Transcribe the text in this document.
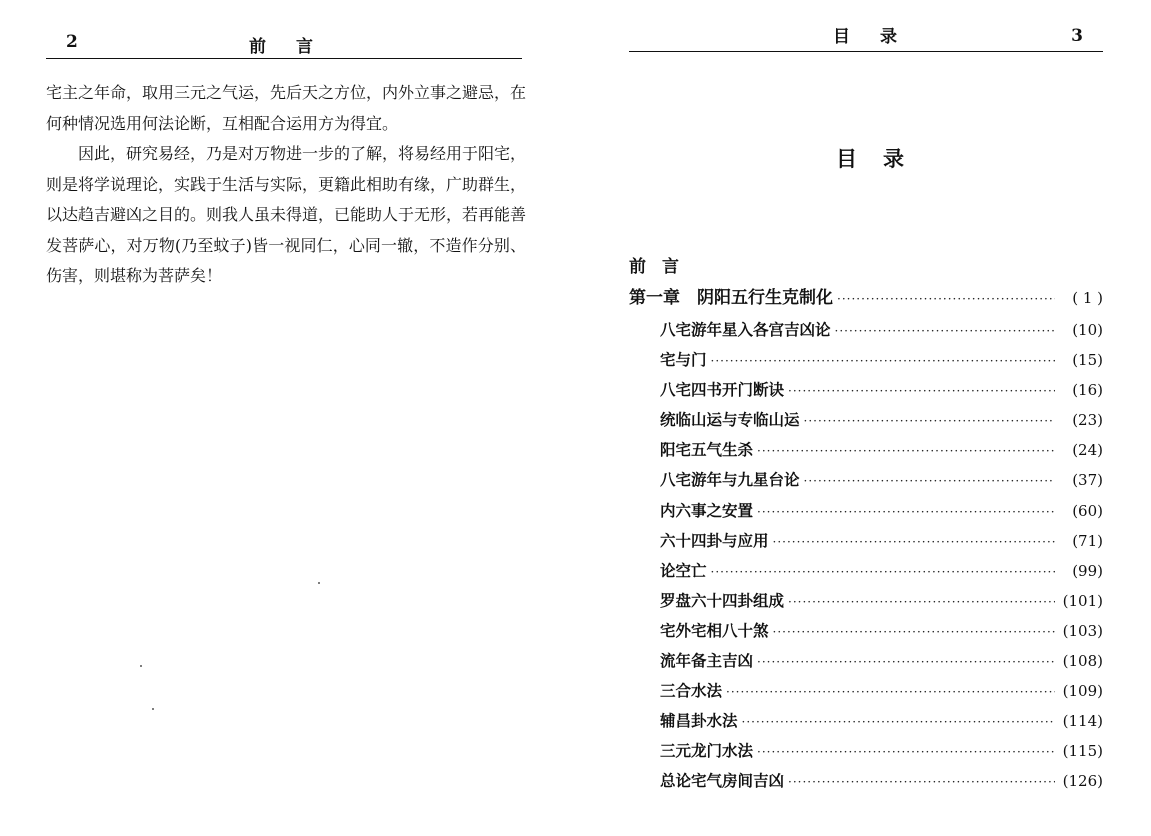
2	前言

宅主之年命，取用三元之气运，先后天之方位，内外立事之避忌，在何种情况选用何法论断，互相配合运用方为得宜。

因此，研究易经，乃是对万物进一步的了解，将易经用于阳宅，则是将学说理论，实践于生活与实际，更籍此相助有缘，广助群生，以达趋吉避凶之目的。则我人虽未得道，已能助人于无形，若再能善发菩萨心，对万物(乃至蚊子)皆一视同仁，心同一辙，不造作分别、伤害，则堪称为菩萨矣！

目录	3
目录
前言
第一章　阴阳五行生克制化 ·····	( 1 )
八宅游年星入各宫吉凶论 ·····	(10)
宅与门 ·····	(15)
八宅四书开门断诀 ·····	(16)
统临山运与专临山运 ·····	(23)
阳宅五气生杀 ·····	(24)
八宅游年与九星台论 ·····	(37)
内六事之安置 ·····	(60)
六十四卦与应用 ·····	(71)
论空亡 ·····	(99)
罗盘六十四卦组成 ·····	(101)
宅外宅相八十煞 ·····	(103)
流年备主吉凶 ·····	(108)
三合水法 ·····	(109)
辅昌卦水法 ·····	(114)
三元龙门水法 ·····	(115)
总论宅气房间吉凶 ·····	(126)
